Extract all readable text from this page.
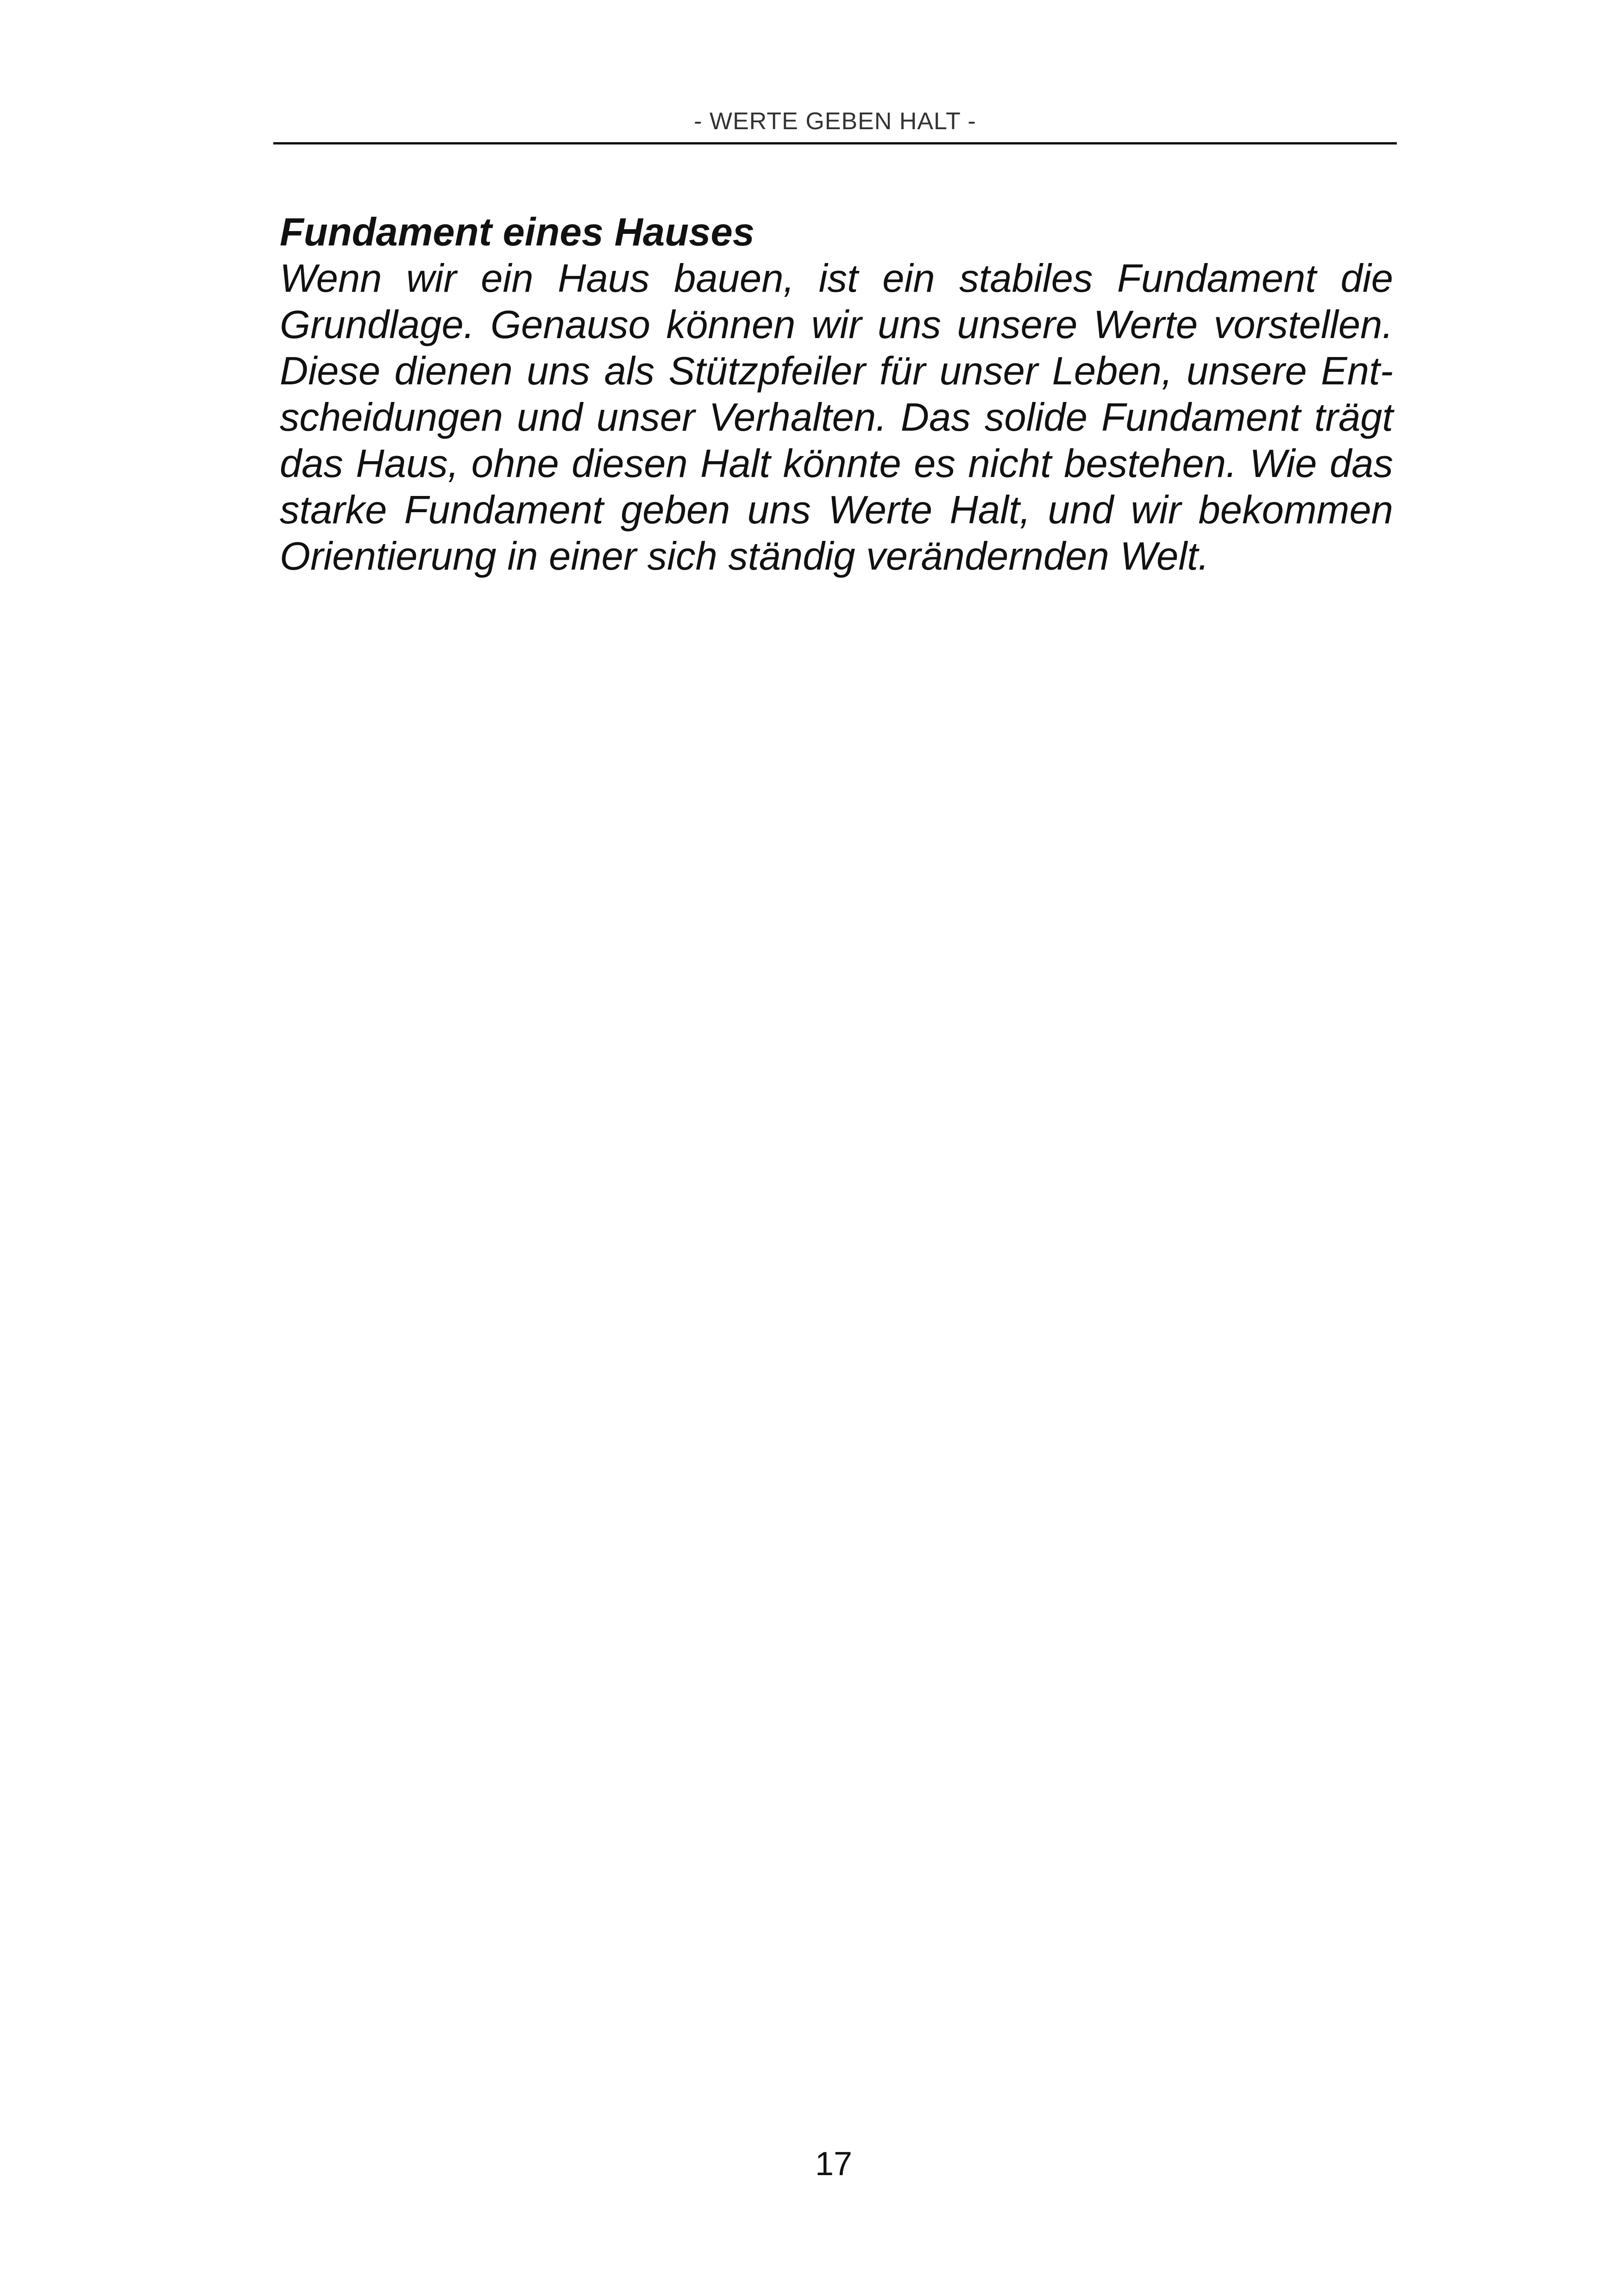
- WERTE GEBEN HALT -
Fundament eines Hauses
Wenn wir ein Haus bauen, ist ein stabiles Fundament die
Grundlage. Genauso können wir uns unsere Werte vorstellen.
Diese dienen uns als Stützpfeiler für unser Leben, unsere Ent-
scheidungen und unser Verhalten. Das solide Fundament trägt
das Haus, ohne diesen Halt könnte es nicht bestehen. Wie das
starke Fundament geben uns Werte Halt, und wir bekommen
Orientierung in einer sich ständig verändernden Welt.
17
